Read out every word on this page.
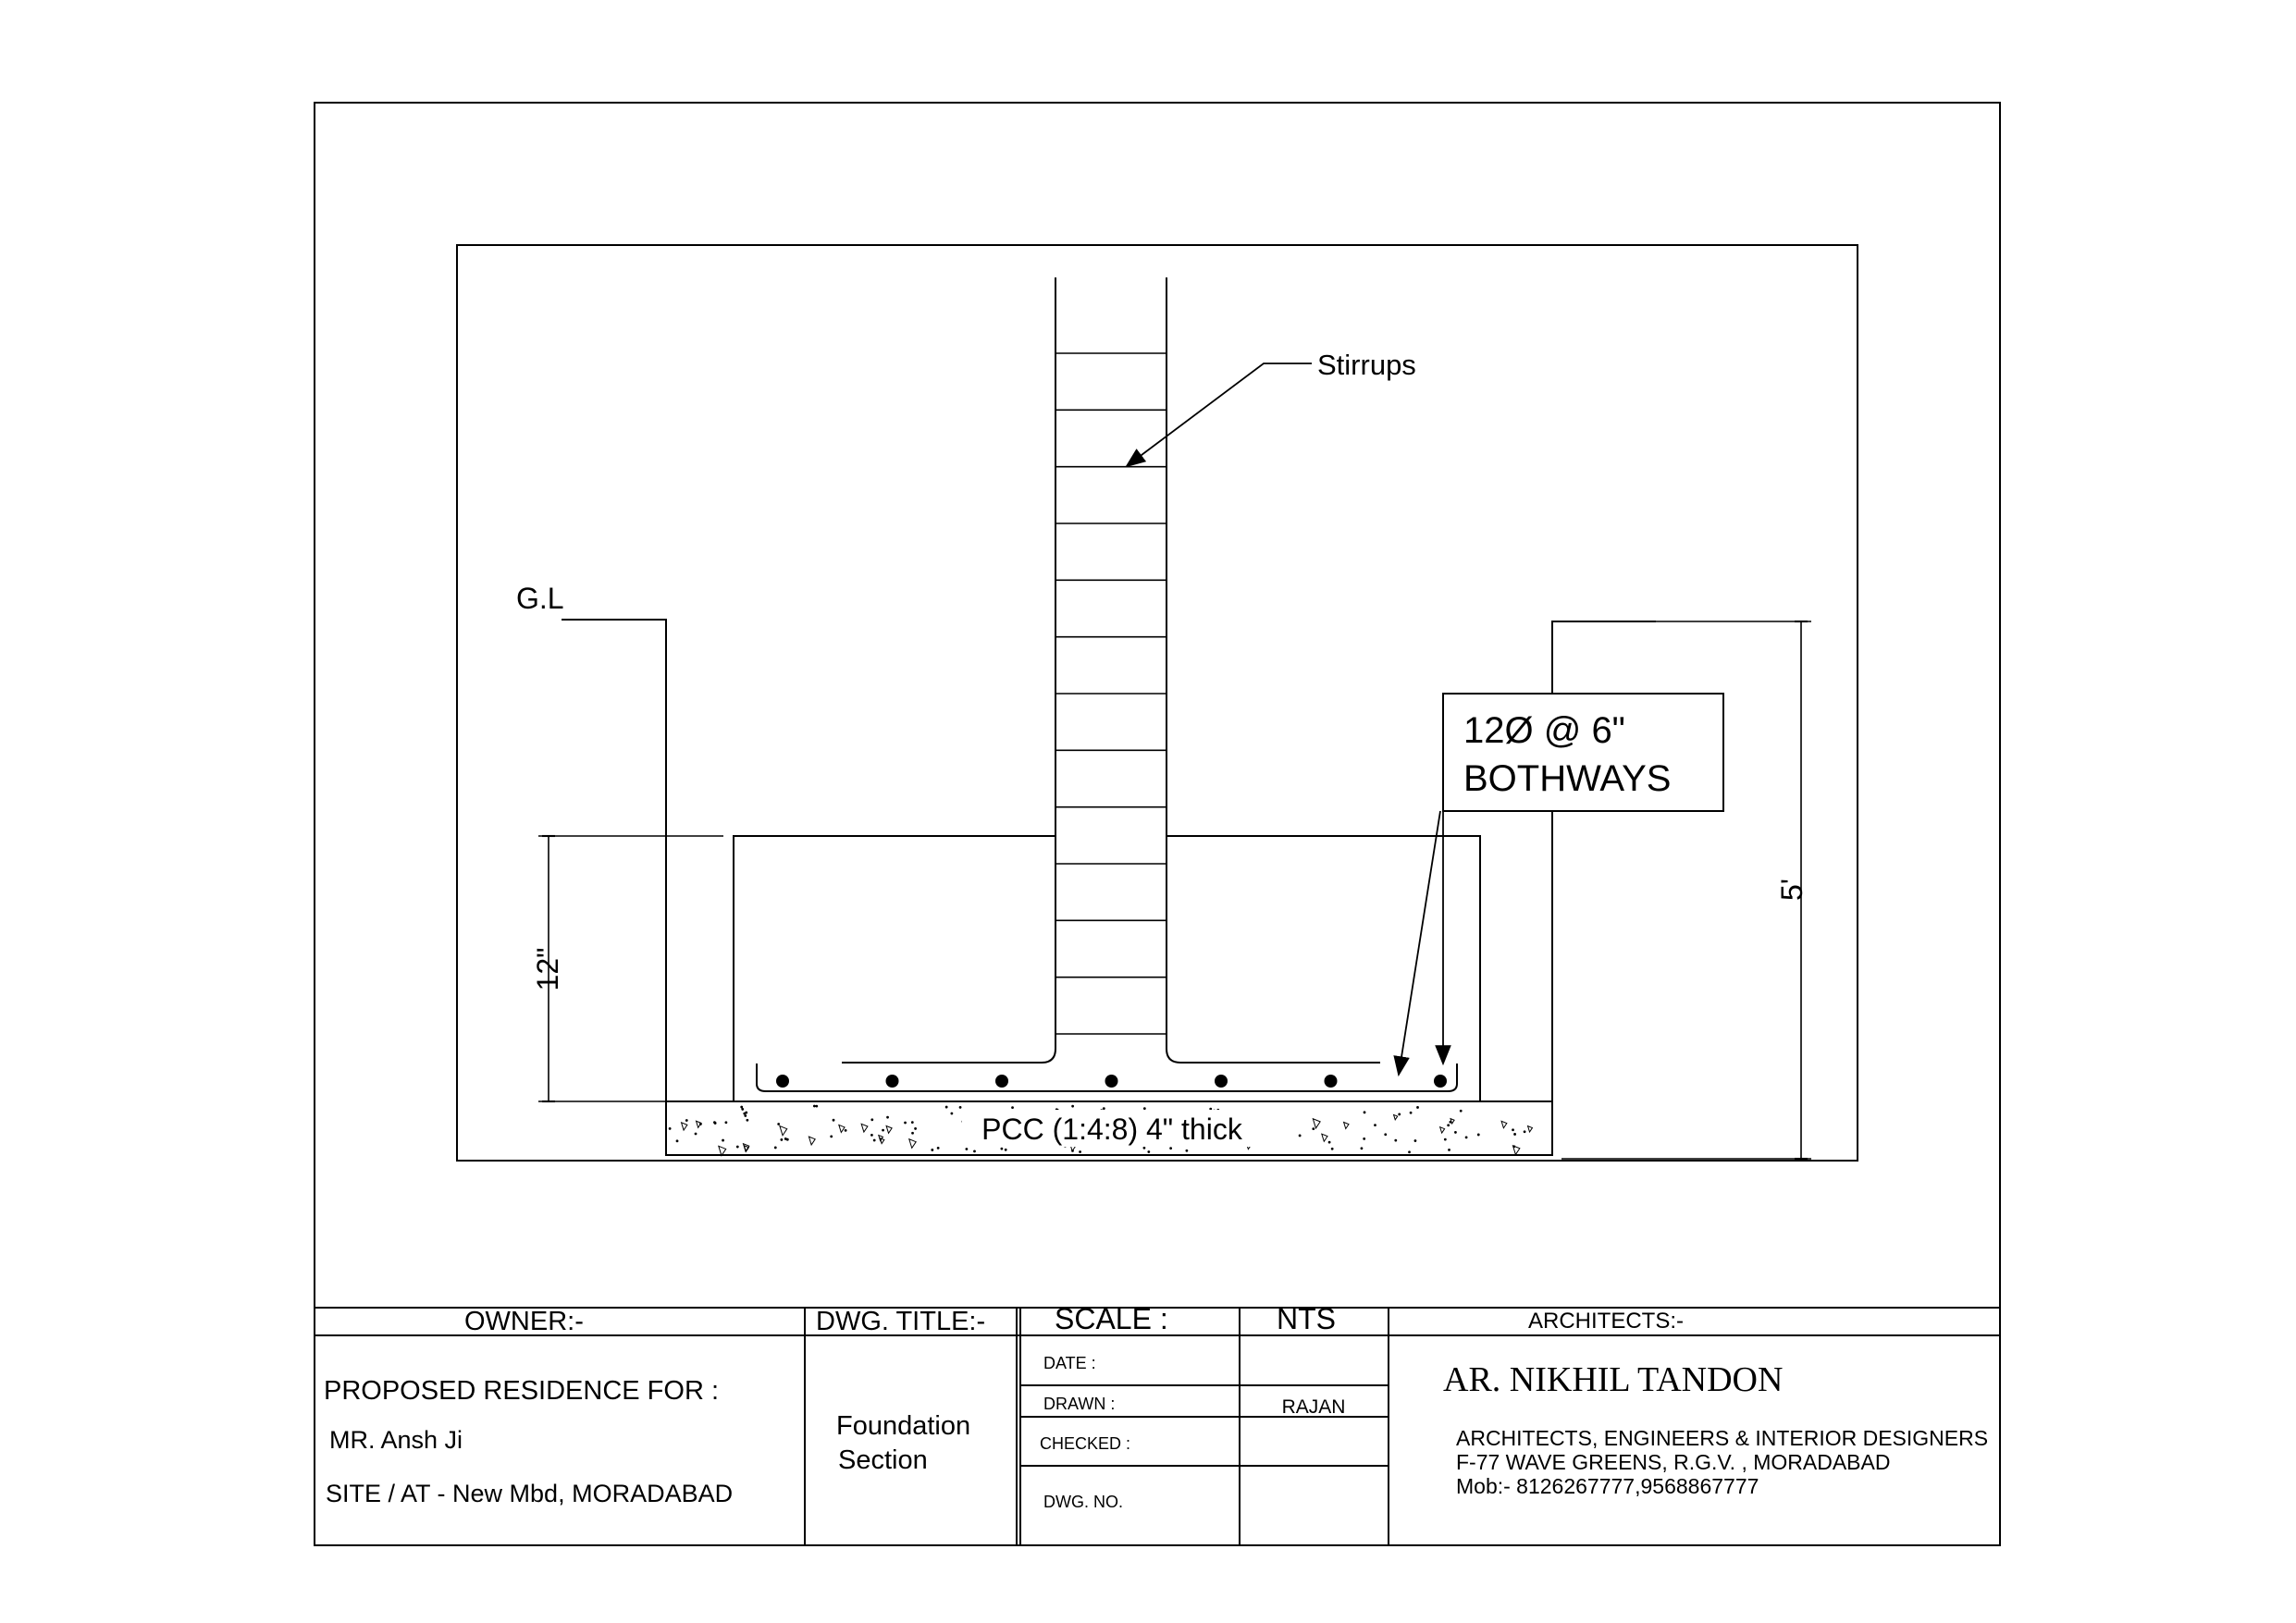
PCC (1:4:8) 4" thick
G.L
Stirrups
12Ø @ 6"
BOTHWAYS
12"
5'
OWNER:-
PROPOSED RESIDENCE FOR :
MR. Ansh Ji
SITE / AT - New Mbd, MORADABAD
DWG. TITLE:-
Foundation
Section
SCALE :	NTS
DATE :
DRAWN :	RAJAN
CHECKED :
DWG. NO.
ARCHITECTS:-
AR. NIKHIL TANDON
ARCHITECTS, ENGINEERS & INTERIOR DESIGNERS
F-77 WAVE GREENS, R.G.V. , MORADABAD
Mob:- 8126267777,9568867777
